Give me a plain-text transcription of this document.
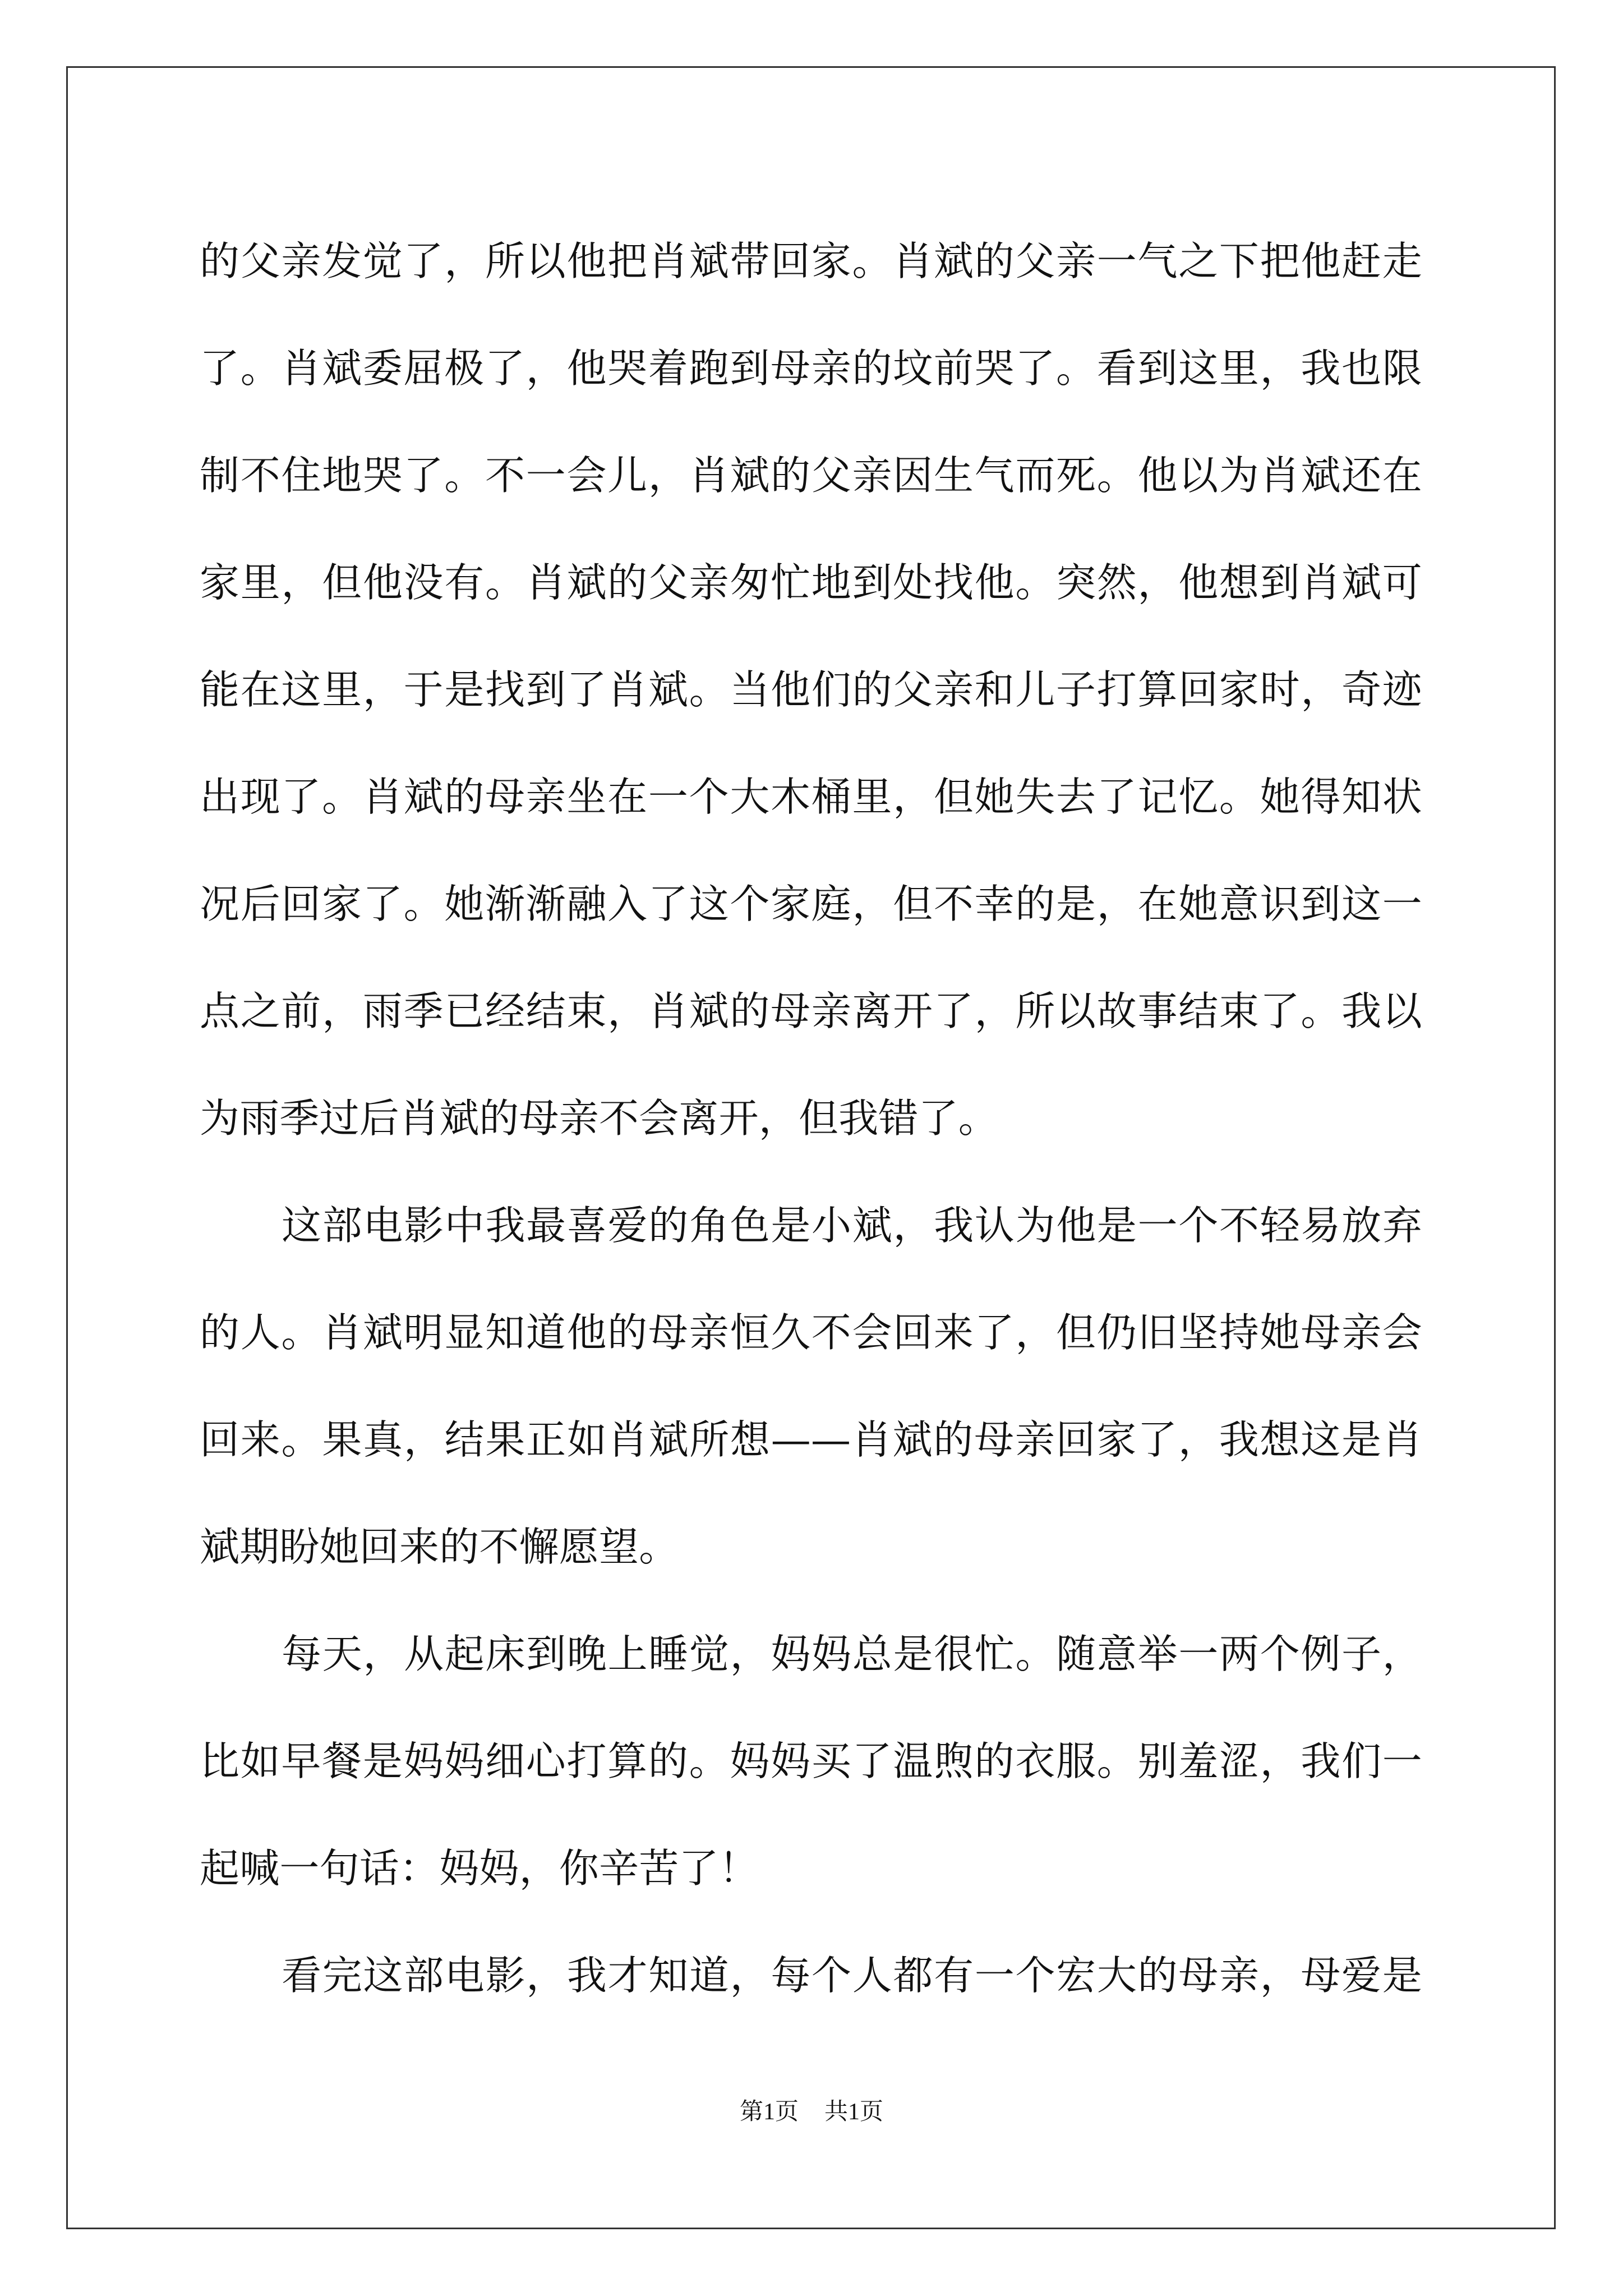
的父亲发觉了，所以他把肖斌带回家。肖斌的父亲一气之下把他赶走
了。肖斌委屈极了，他哭着跑到母亲的坟前哭了。看到这里，我也限
制不住地哭了。不一会儿，肖斌的父亲因生气而死。他以为肖斌还在
家里，但他没有。肖斌的父亲匆忙地到处找他。突然，他想到肖斌可
能在这里，于是找到了肖斌。当他们的父亲和儿子打算回家时，奇迹
出现了。肖斌的母亲坐在一个大木桶里，但她失去了记忆。她得知状
况后回家了。她渐渐融入了这个家庭，但不幸的是，在她意识到这一
点之前，雨季已经结束，肖斌的母亲离开了，所以故事结束了。我以
为雨季过后肖斌的母亲不会离开，但我错了。
这部电影中我最喜爱的角色是小斌，我认为他是一个不轻易放弃
的人。肖斌明显知道他的母亲恒久不会回来了，但仍旧坚持她母亲会
回来。果真，结果正如肖斌所想——肖斌的母亲回家了，我想这是肖
斌期盼她回来的不懈愿望。
每天，从起床到晚上睡觉，妈妈总是很忙。随意举一两个例子，
比如早餐是妈妈细心打算的。妈妈买了温煦的衣服。别羞涩，我们一
起喊一句话：妈妈，你辛苦了！
看完这部电影，我才知道，每个人都有一个宏大的母亲，母爱是
第1页 共1页
